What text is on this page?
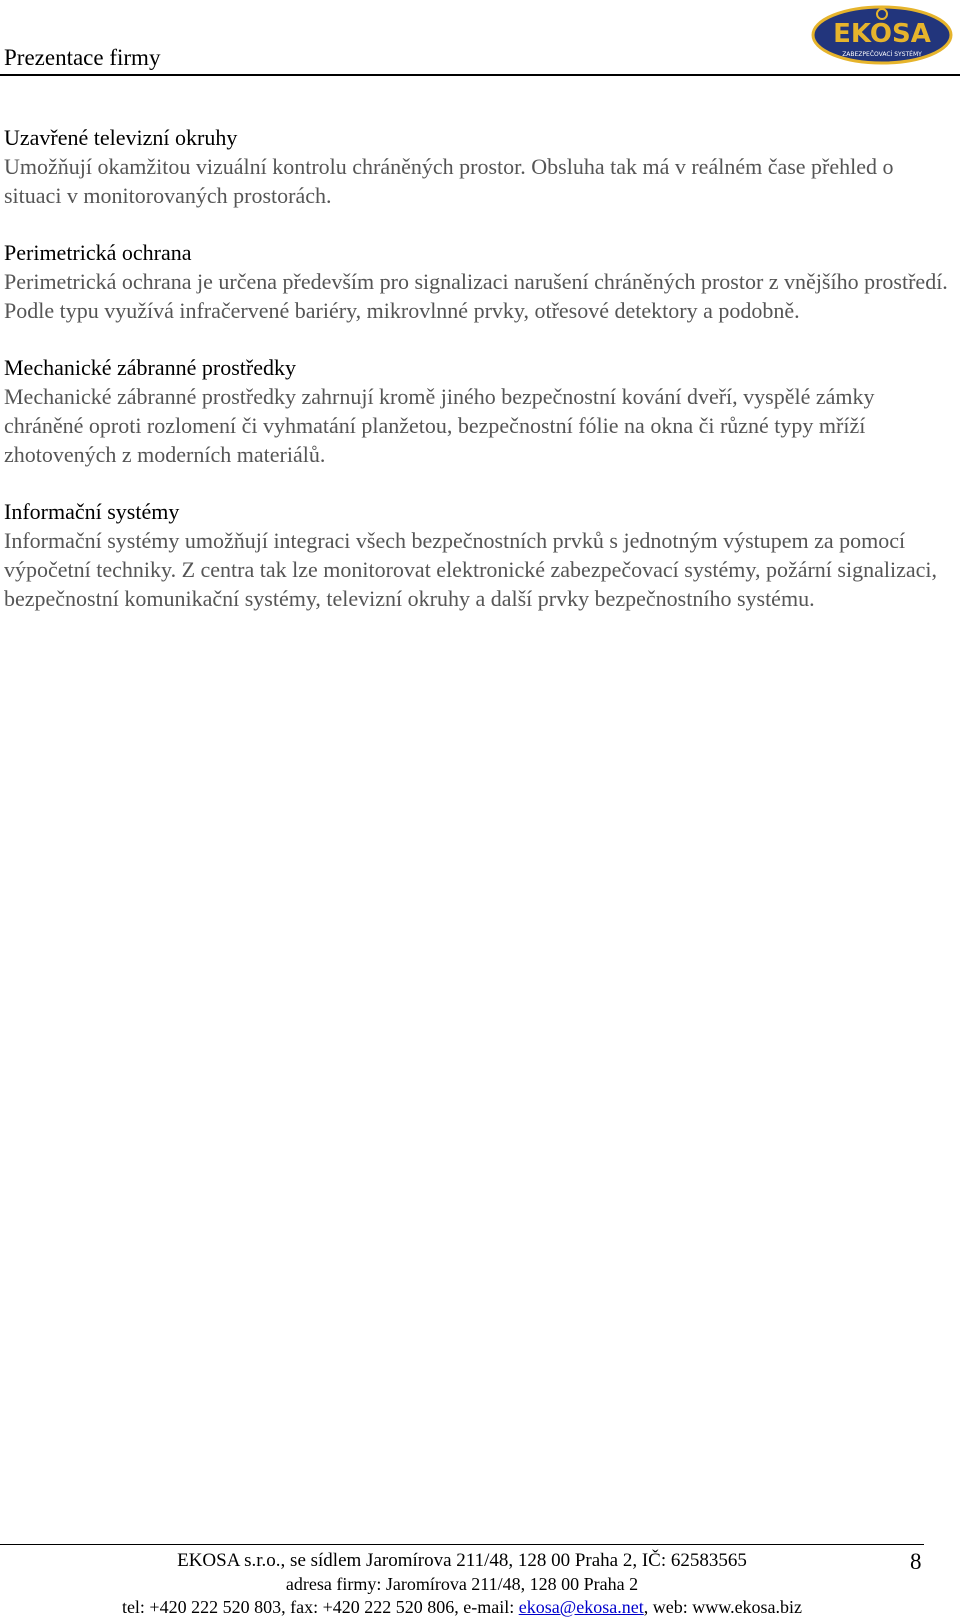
Prezentace firmy
EKOSA
ZABEZPEČOVACÍ SYSTÉMY
Uzavřené televizní okruhy
Umožňují okamžitou vizuální kontrolu chráněných prostor. Obsluha tak má v reálném čase přehled o situaci v monitorovaných prostorách.
Perimetrická ochrana
Perimetrická ochrana je určena především pro signalizaci narušení chráněných prostor z vnějšího prostředí. Podle typu využívá infračervené bariéry, mikrovlnné prvky, otřesové detektory a podobně.
Mechanické zábranné prostředky
Mechanické zábranné prostředky zahrnují kromě jiného bezpečnostní kování dveří, vyspělé zámky chráněné oproti rozlomení či vyhmatání planžetou, bezpečnostní fólie na okna či různé typy mříží zhotovených z moderních materiálů.
Informační systémy
Informační systémy umožňují integraci všech bezpečnostních prvků s jednotným výstupem za pomocí výpočetní techniky. Z centra tak lze monitorovat elektronické zabezpečovací systémy, požární signalizaci, bezpečnostní komunikační systémy, televizní okruhy a další prvky bezpečnostního systému.
EKOSA s.r.o., se sídlem Jaromírova 211/48, 128 00 Praha 2, IČ: 62583565
adresa firmy: Jaromírova 211/48, 128 00 Praha 2
tel: +420 222 520 803, fax: +420 222 520 806, e-mail: ekosa@ekosa.net, web: www.ekosa.biz
8
